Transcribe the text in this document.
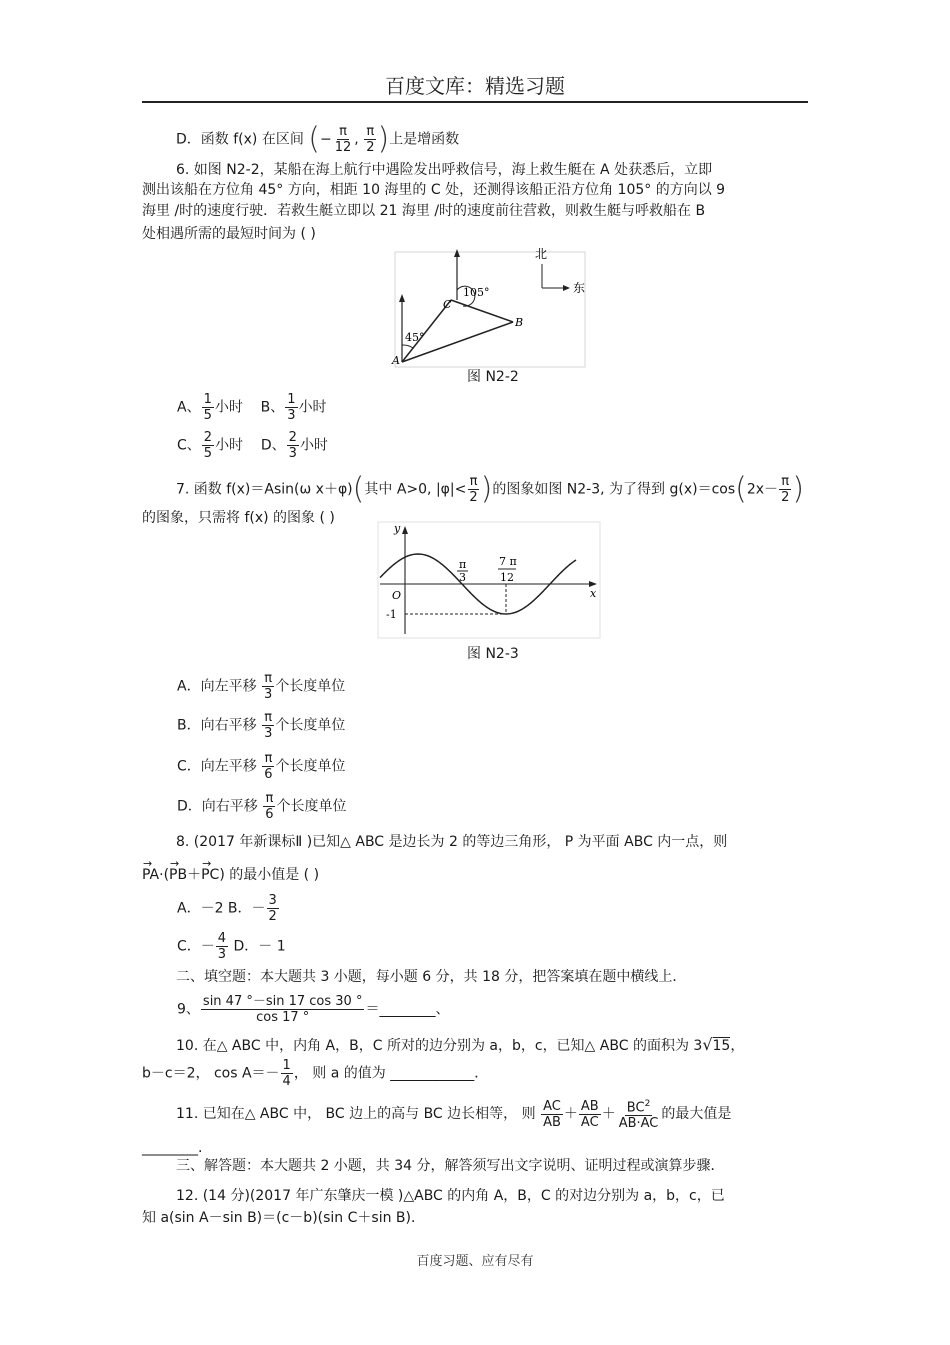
百度文库：精选习题
D．函数 f(x) 在区间 (− $\frac{\pi}{12}$ , $\frac{\pi}{2}$ )上是增函数
6. 如图 N2-2，某船在海上航行中遇险发出呼救信号，海上救生艇在 A 处获悉后，立即
测出该船在方位角 45° 方向，相距 10 海里的 C 处，还测得该船正沿方位角 105° 的方向以 9
海里 /时的速度行驶．若救生艇立即以 21 海里 /时的速度前往营救，则救生艇与呼救船在 B
处相遇所需的最短时间为 ( )
105°
45°
A
B
C
北
东
图 N2-2
A、 $\frac{1}{5}$ 小时 B、 $\frac{1}{3}$ 小时
C、 $\frac{2}{5}$ 小时 D、 $\frac{2}{3}$ 小时
7. 函数 f(x)＝Asin(ω x＋φ)(其中 A>0, $|\varphi|< \frac{\pi}{2}$ )的图象如图 N2-3, 为了得到 $g(x)=\cos(2x- \frac{\pi}{2}$ )
的图象，只需将 f(x) 的图象 ( )
y
x
O
-1
π
3
7 π
12
图 N2-3
A．向左平移 $\frac{\pi}{3}$ 个长度单位
B．向右平移 $\frac{\pi}{3}$ 个长度单位
C．向左平移 $\frac{\pi}{6}$ 个长度单位
D．向右平移 $\frac{\pi}{6}$ 个长度单位
8. (2017 年新课标Ⅱ )已知△ ABC 是边长为 2 的等边三角形， P 为平面 ABC 内一点，则
→ PA·(→ PB＋→ PC) 的最小值是 ( )
A．－2 B．－ $\frac{3}{2}$
C．－ $\frac{4}{3}$ D．－ 1
二、填空题：本大题共 3 小题，每小题 6 分，共 18 分，把答案填在题中横线上．
9、 $\frac{\sin 47 ^\circ-\sin 17 \cos 30 ^\circ}{\cos 17 ^\circ}$ ＝________、
10. 在△ ABC 中，内角 A，B，C 所对的边分别为 a，b，c，已知△ ABC 的面积为 3√15，
b－c＝2， $\cos A=- \frac{1}{4}$ ， 则 a 的值为 ____________．
11. 已知在△ ABC 中， BC 边上的高与 BC 边长相等， 则 $\frac{AC}{AB} + \frac{AB}{AC} + \frac{BC^2}{AB\cdot AC}$ 的最大值是
________.
三、解答题：本大题共 2 小题，共 34 分，解答须写出文字说明、证明过程或演算步骤．
12. (14 分)(2017 年广东肇庆一模 )△ABC 的内角 A，B，C 的对边分别为 a，b，c，已
知 a(sin A－sin B)＝(c－b)(sin C＋sin B)．
百度习题、应有尽有
